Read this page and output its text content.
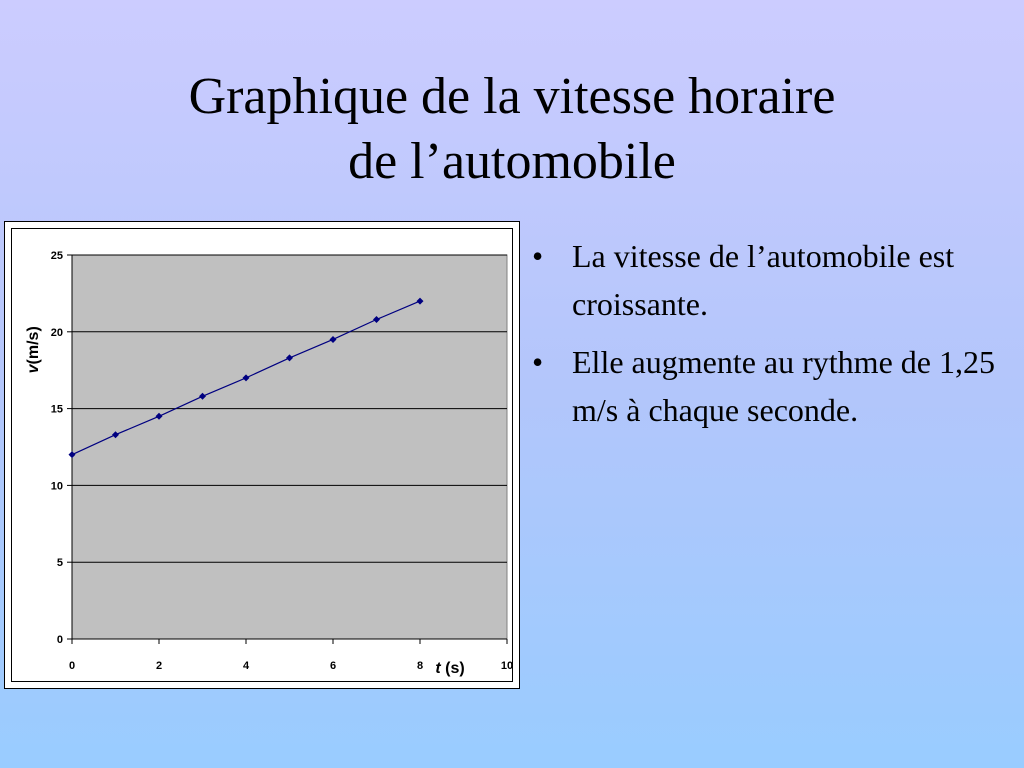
Graphique de la vitesse horaire
de l’automobile
0
5
10
15
20
25
0	2	4	6	8	10
t (s)
v(m/s)
• La vitesse de l’automobile est croissante.
• Elle augmente au rythme de 1,25 m/s à chaque seconde.
